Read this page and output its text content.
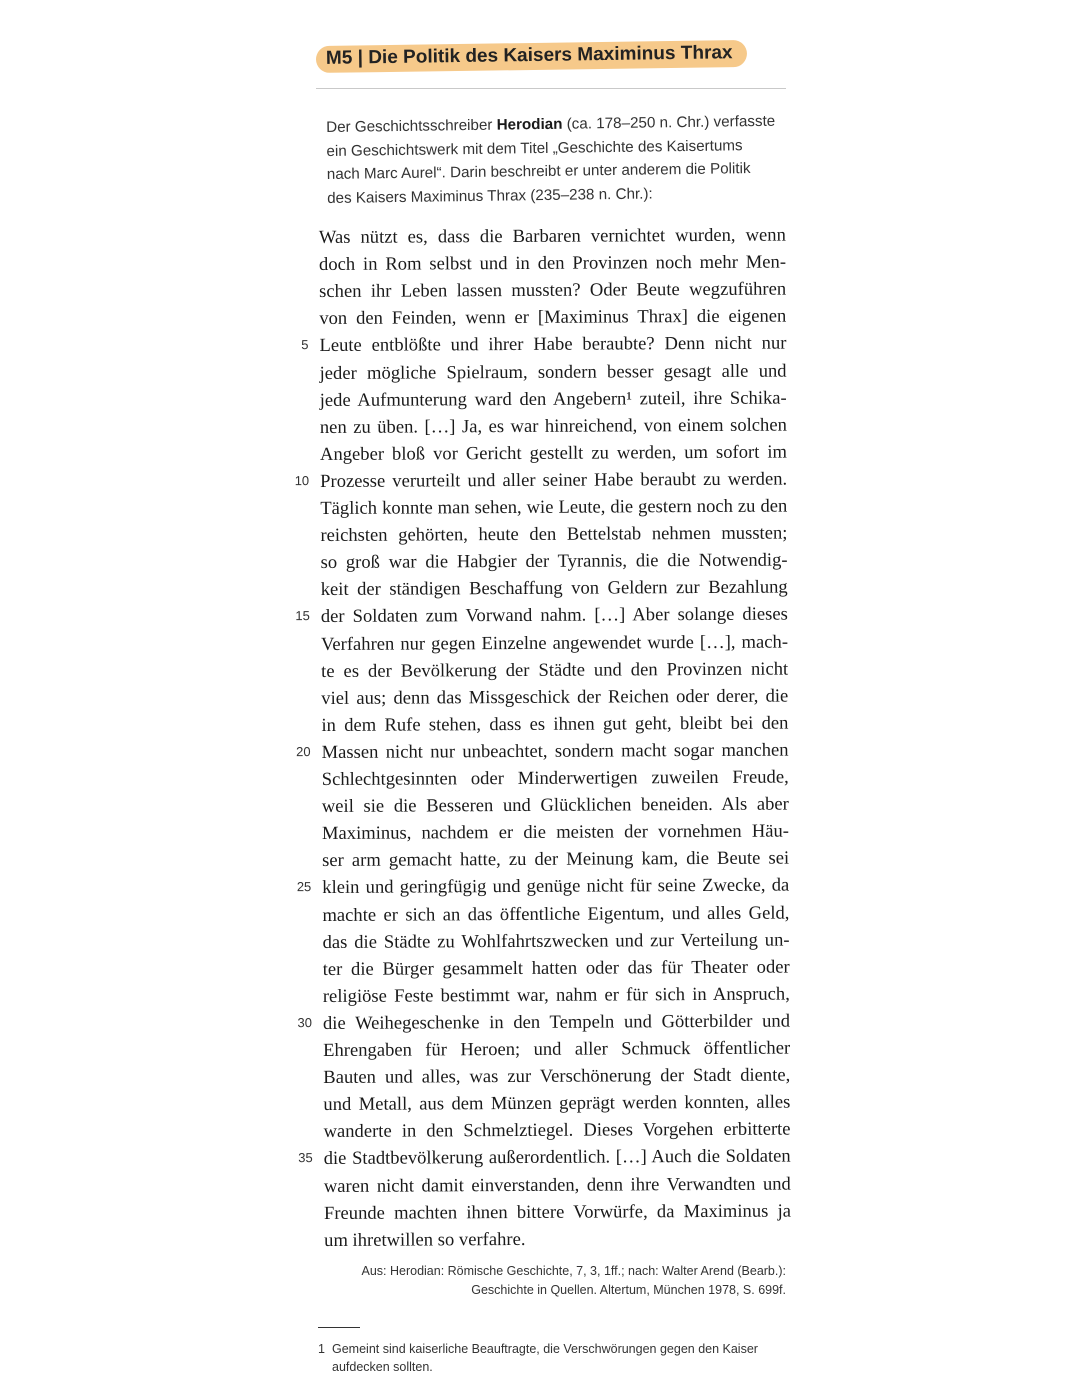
M5 | Die Politik des Kaisers Maximinus Thrax
Der Geschichtsschreiber Herodian (ca. 178–250 n. Chr.) verfasste
ein Geschichtswerk mit dem Titel „Geschichte des Kaisertums
nach Marc Aurel“. Darin beschreibt er unter anderem die Politik
des Kaisers Maximinus Thrax (235–238 n. Chr.):
Was nützt es, dass die Barbaren vernichtet wurden, wenn
doch in Rom selbst und in den Provinzen noch mehr Men-
schen ihr Leben lassen mussten? Oder Beute wegzuführen
von den Feinden, wenn er [Maximinus Thrax] die eigenen
Leute entblößte und ihrer Habe beraubte? Denn nicht nur
jeder mögliche Spielraum, sondern besser gesagt alle und
jede Aufmunterung ward den Angebern¹ zuteil, ihre Schika-
nen zu üben. […] Ja, es war hinreichend, von einem solchen
Angeber bloß vor Gericht gestellt zu werden, um sofort im
Prozesse verurteilt und aller seiner Habe beraubt zu werden.
Täglich konnte man sehen, wie Leute, die gestern noch zu den
reichsten gehörten, heute den Bettelstab nehmen mussten;
so groß war die Habgier der Tyrannis, die die Notwendig-
keit der ständigen Beschaffung von Geldern zur Bezahlung
der Soldaten zum Vorwand nahm. […] Aber solange dieses
Verfahren nur gegen Einzelne angewendet wurde […], mach-
te es der Bevölkerung der Städte und den Provinzen nicht
viel aus; denn das Missgeschick der Reichen oder derer, die
in dem Rufe stehen, dass es ihnen gut geht, bleibt bei den
Massen nicht nur unbeachtet, sondern macht sogar manchen
Schlechtgesinnten oder Minderwertigen zuweilen Freude,
weil sie die Besseren und Glücklichen beneiden. Als aber
Maximinus, nachdem er die meisten der vornehmen Häu-
ser arm gemacht hatte, zu der Meinung kam, die Beute sei
klein und geringfügig und genüge nicht für seine Zwecke, da
machte er sich an das öffentliche Eigentum, und alles Geld,
das die Städte zu Wohlfahrtszwecken und zur Verteilung un-
ter die Bürger gesammelt hatten oder das für Theater oder
religiöse Feste bestimmt war, nahm er für sich in Anspruch,
die Weihegeschenke in den Tempeln und Götterbilder und
Ehrengaben für Heroen; und aller Schmuck öffentlicher
Bauten und alles, was zur Verschönerung der Stadt diente,
und Metall, aus dem Münzen geprägt werden konnten, alles
wanderte in den Schmelztiegel. Dieses Vorgehen erbitterte
die Stadtbevölkerung außerordentlich. […] Auch die Soldaten
waren nicht damit einverstanden, denn ihre Verwandten und
Freunde machten ihnen bittere Vorwürfe, da Maximinus ja
um ihretwillen so verfahre.
5
10
15
20
25
30
35
Aus: Herodian: Römische Geschichte, 7, 3, 1ff.; nach: Walter Arend (Bearb.):
Geschichte in Quellen. Altertum, München 1978, S. 699f.
1 Gemeint sind kaiserliche Beauftragte, die Verschwörungen gegen den Kaiser
aufdecken sollten.
